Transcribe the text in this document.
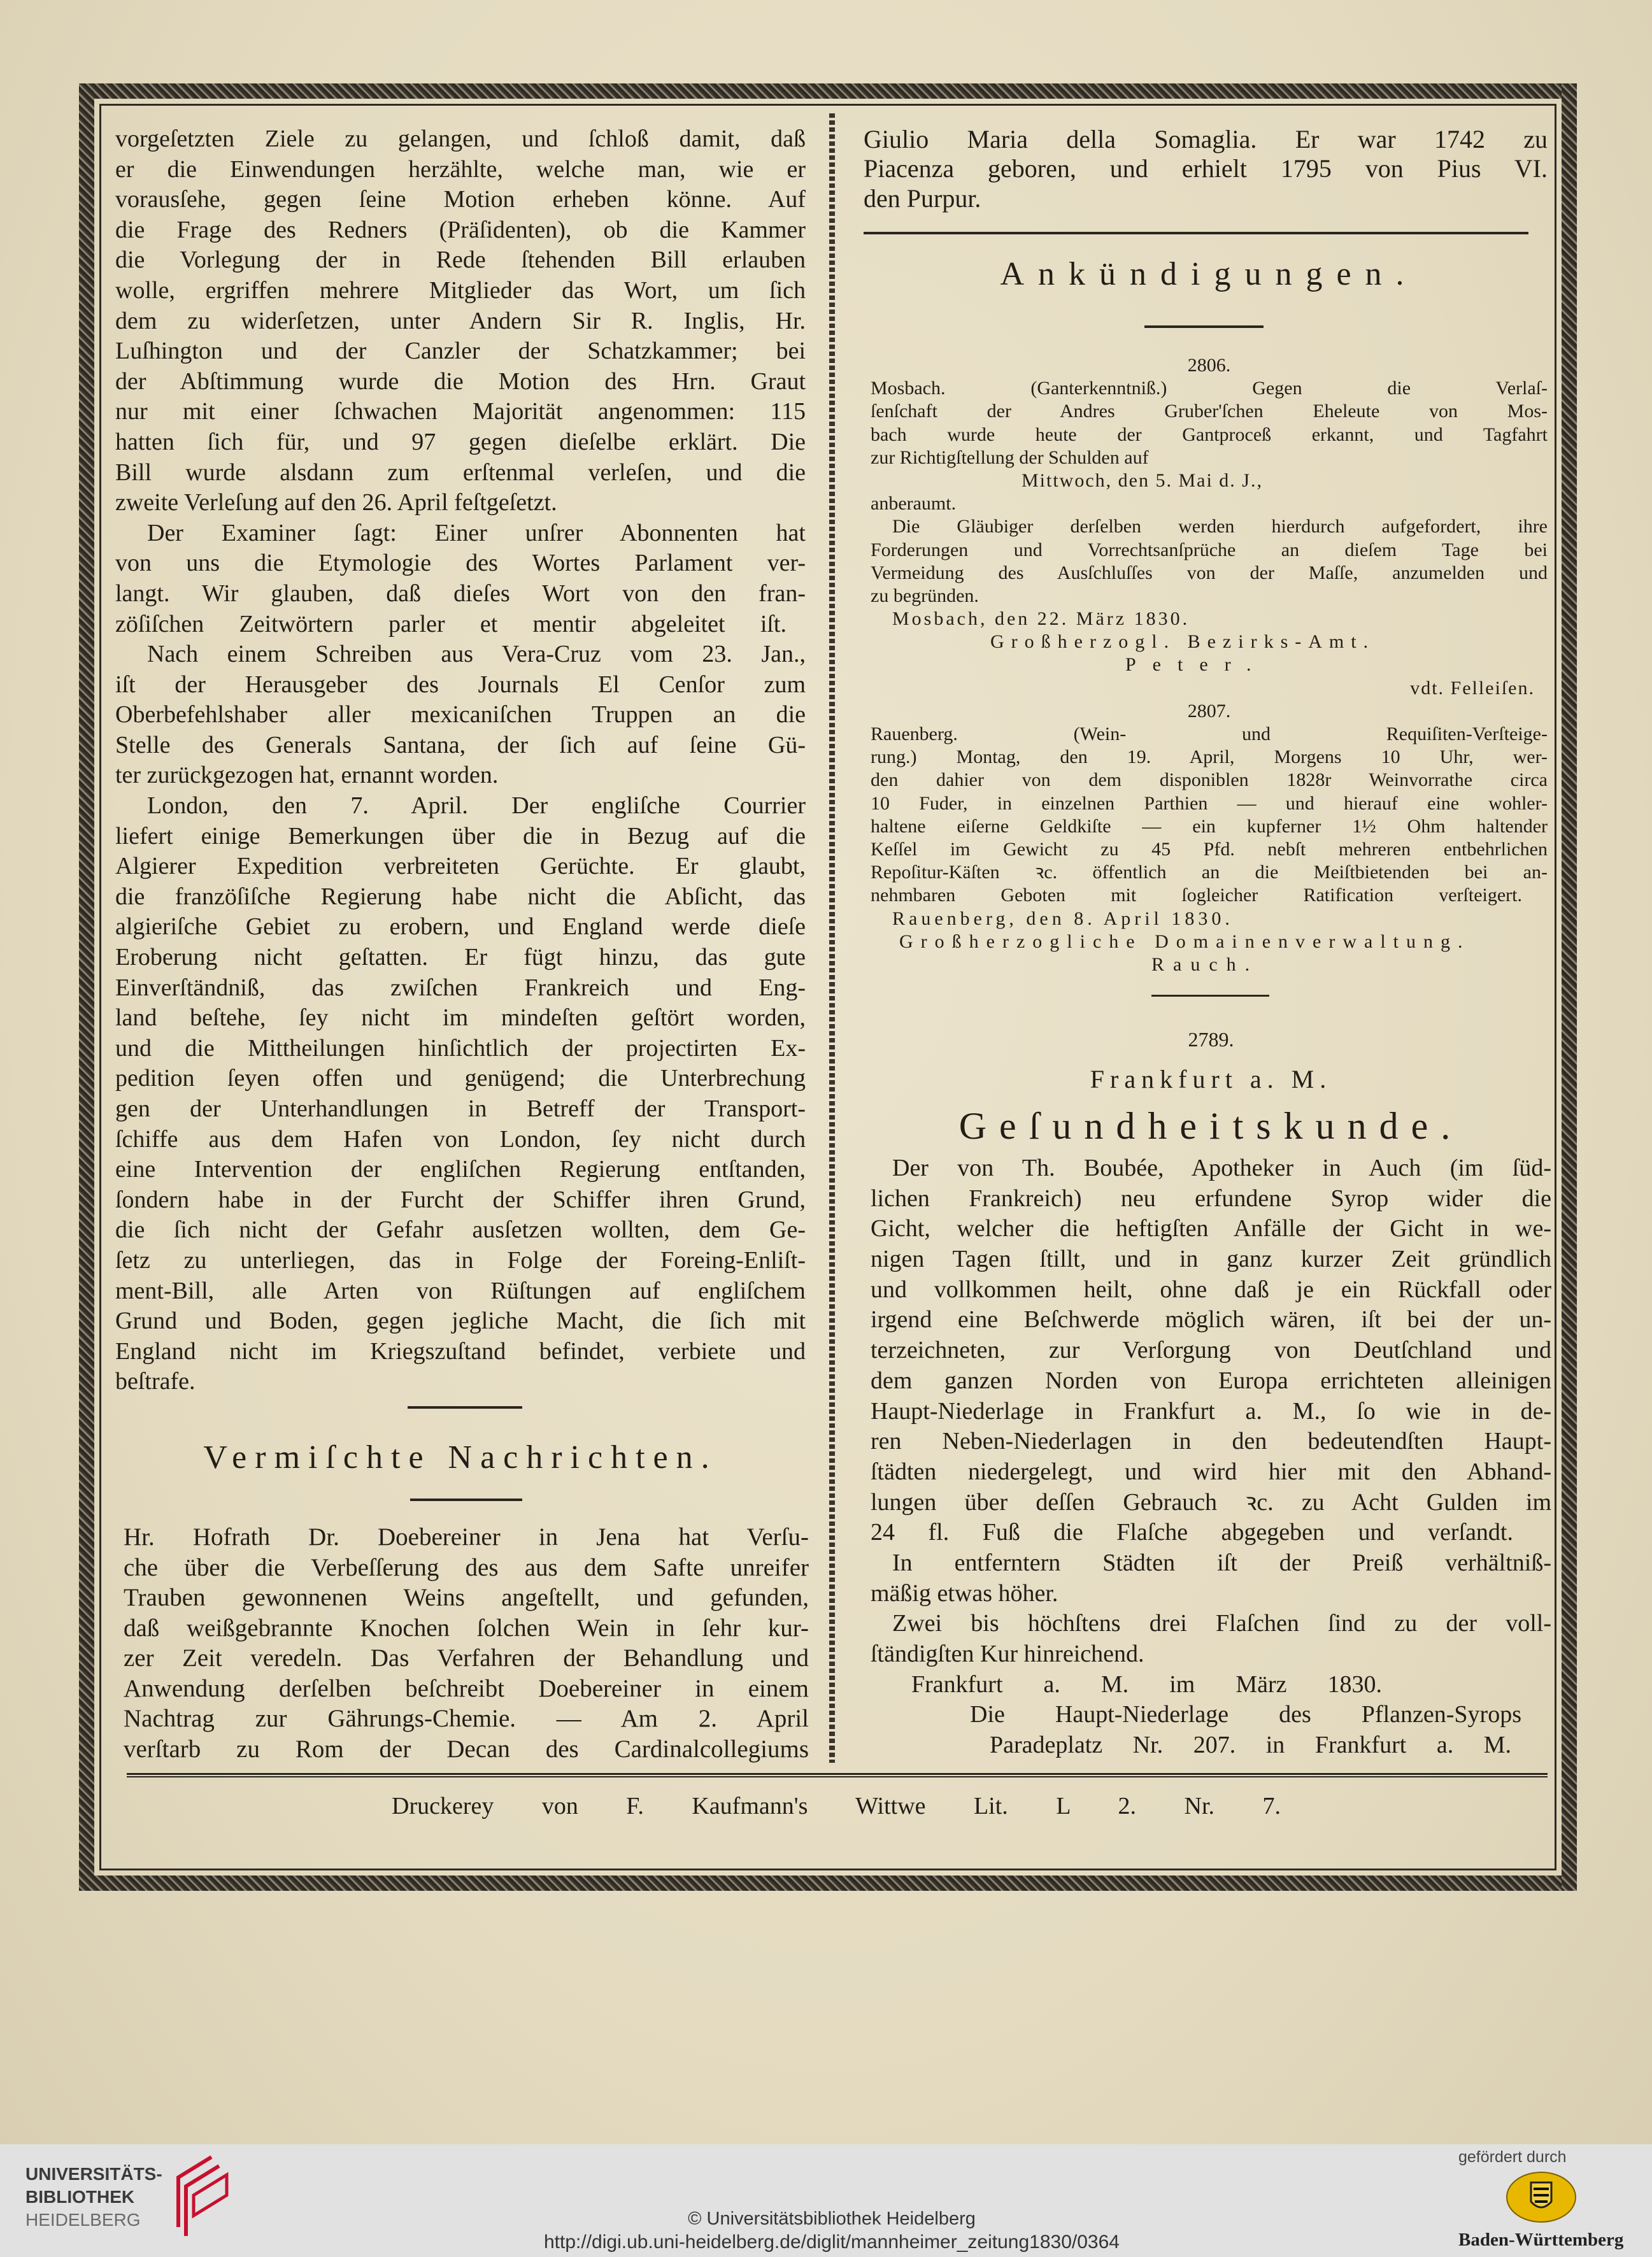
vorgeſetzten Ziele zu gelangen, und ſchloß damit, daß
er die Einwendungen herzählte, welche man, wie er
vorausſehe, gegen ſeine Motion erheben könne. Auf
die Frage des Redners (Präſidenten), ob die Kammer
die Vorlegung der in Rede ſtehenden Bill erlauben
wolle, ergriffen mehrere Mitglieder das Wort, um ſich
dem zu widerſetzen, unter Andern Sir R. Inglis, Hr.
Luſhington und der Canzler der Schatzkammer; bei
der Abſtimmung wurde die Motion des Hrn. Graut
nur mit einer ſchwachen Majorität angenommen: 115
hatten ſich für, und 97 gegen dieſelbe erklärt. Die
Bill wurde alsdann zum erſtenmal verleſen, und die
zweite Verleſung auf den 26. April feſtgeſetzt.
Der Examiner ſagt: Einer unſrer Abonnenten hat
von uns die Etymologie des Wortes Parlament ver-
langt. Wir glauben, daß dieſes Wort von den fran-
zöſiſchen Zeitwörtern parler et mentir abgeleitet iſt.
Nach einem Schreiben aus Vera-Cruz vom 23. Jan.,
iſt der Herausgeber des Journals El Cenſor zum
Oberbefehlshaber aller mexicaniſchen Truppen an die
Stelle des Generals Santana, der ſich auf ſeine Gü-
ter zurückgezogen hat, ernannt worden.
London, den 7. April. Der engliſche Courrier
liefert einige Bemerkungen über die in Bezug auf die
Algierer Expedition verbreiteten Gerüchte. Er glaubt,
die franzöſiſche Regierung habe nicht die Abſicht, das
algieriſche Gebiet zu erobern, und England werde dieſe
Eroberung nicht geſtatten. Er fügt hinzu, das gute
Einverſtändniß, das zwiſchen Frankreich und Eng-
land beſtehe, ſey nicht im mindeſten geſtört worden,
und die Mittheilungen hinſichtlich der projectirten Ex-
pedition ſeyen offen und genügend; die Unterbrechung
gen der Unterhandlungen in Betreff der Transport-
ſchiffe aus dem Hafen von London, ſey nicht durch
eine Intervention der engliſchen Regierung entſtanden,
ſondern habe in der Furcht der Schiffer ihren Grund,
die ſich nicht der Gefahr ausſetzen wollten, dem Ge-
ſetz zu unterliegen, das in Folge der Foreing-Enliſt-
ment-Bill, alle Arten von Rüſtungen auf engliſchem
Grund und Boden, gegen jegliche Macht, die ſich mit
England nicht im Kriegszuſtand befindet, verbiete und
beſtrafe.
Vermiſchte Nachrichten.
Hr. Hofrath Dr. Doebereiner in Jena hat Verſu-
che über die Verbeſſerung des aus dem Safte unreifer
Trauben gewonnenen Weins angeſtellt, und gefunden,
daß weißgebrannte Knochen ſolchen Wein in ſehr kur-
zer Zeit veredeln. Das Verfahren der Behandlung und
Anwendung derſelben beſchreibt Doebereiner in einem
Nachtrag zur Gährungs-Chemie. — Am 2. April
verſtarb zu Rom der Decan des Cardinalcollegiums
Giulio Maria della Somaglia. Er war 1742 zu
Piacenza geboren, und erhielt 1795 von Pius VI.
den Purpur.
Ankündigungen.
2806.
Mosbach. (Ganterkenntniß.) Gegen die Verlaſ-
ſenſchaft der Andres Gruber'ſchen Eheleute von Mos-
bach wurde heute der Gantproceß erkannt, und Tagfahrt
zur Richtigſtellung der Schulden auf
Mittwoch, den 5. Mai d. J.,
anberaumt.
Die Gläubiger derſelben werden hierdurch aufgefordert, ihre
Forderungen und Vorrechtsanſprüche an dieſem Tage bei
Vermeidung des Ausſchluſſes von der Maſſe, anzumelden und
zu begründen.
Mosbach, den 22. März 1830.
Großherzogl. Bezirks-Amt.
Peter.
vdt. Felleiſen.
2807.
Rauenberg. (Wein- und Requiſiten-Verſteige-
rung.) Montag, den 19. April, Morgens 10 Uhr, wer-
den dahier von dem disponiblen 1828r Weinvorrathe circa
10 Fuder, in einzelnen Parthien — und hierauf eine wohler-
haltene eiſerne Geldkiſte — ein kupferner 1½ Ohm haltender
Keſſel im Gewicht zu 45 Pfd. nebſt mehreren entbehrlichen
Repoſitur-Käſten ꝛc. öffentlich an die Meiſtbietenden bei an-
nehmbaren Geboten mit ſogleicher Ratification verſteigert.
Rauenberg, den 8. April 1830.
Großherzogliche Domainenverwaltung.
Rauch.
2789.
Frankfurt a. M.
Geſundheitskunde.
Der von Th. Boubée, Apotheker in Auch (im ſüd-
lichen Frankreich) neu erfundene Syrop wider die
Gicht, welcher die heftigſten Anfälle der Gicht in we-
nigen Tagen ſtillt, und in ganz kurzer Zeit gründlich
und vollkommen heilt, ohne daß je ein Rückfall oder
irgend eine Beſchwerde möglich wären, iſt bei der un-
terzeichneten, zur Verſorgung von Deutſchland und
dem ganzen Norden von Europa errichteten alleinigen
Haupt-Niederlage in Frankfurt a. M., ſo wie in de-
ren Neben-Niederlagen in den bedeutendſten Haupt-
ſtädten niedergelegt, und wird hier mit den Abhand-
lungen über deſſen Gebrauch ꝛc. zu Acht Gulden im
24 fl. Fuß die Flaſche abgegeben und verſandt.
In entferntern Städten iſt der Preiß verhältniß-
mäßig etwas höher.
Zwei bis höchſtens drei Flaſchen ſind zu der voll-
ſtändigſten Kur hinreichend.
Frankfurt a. M. im März 1830.
Die Haupt-Niederlage des Pflanzen-Syrops
Paradeplatz Nr. 207. in Frankfurt a. M.
Druckerey von F. Kaufmann's Wittwe Lit. L 2. Nr. 7.
UNIVERSITÄTS-
BIBLIOTHEK
HEIDELBERG	© Universitätsbibliothek Heidelberg
http://digi.ub.uni-heidelberg.de/diglit/mannheimer_zeitung1830/0364
gefördert durch
Baden-Württemberg
